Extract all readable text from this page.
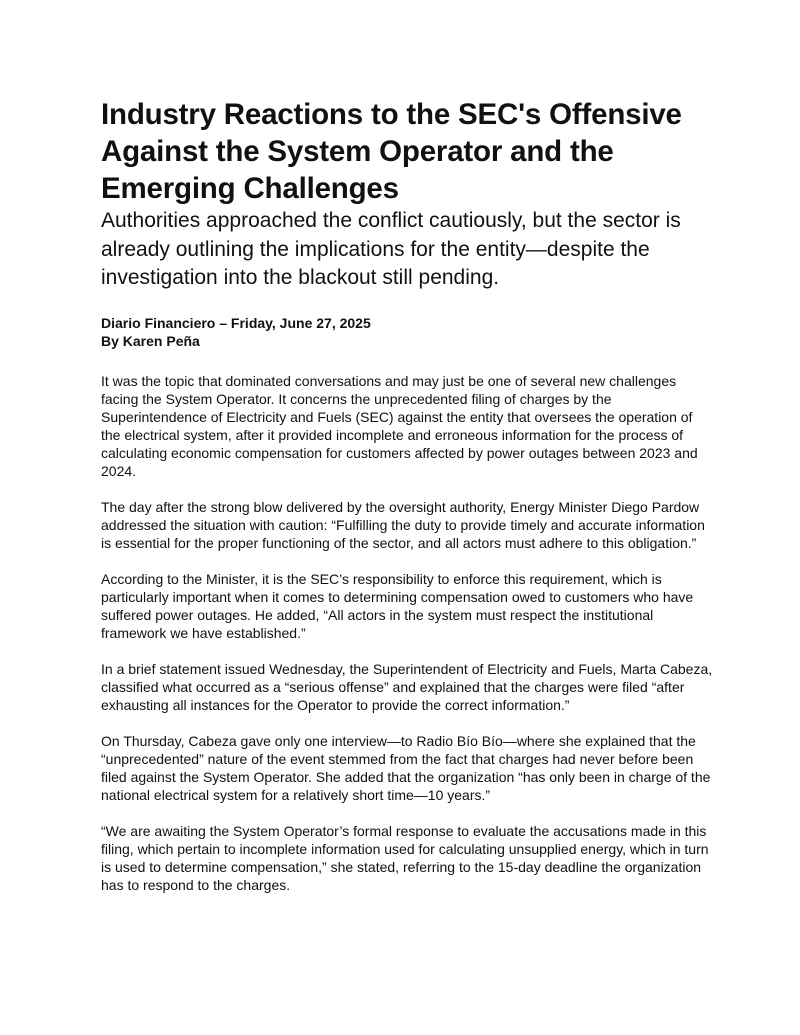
Industry Reactions to the SEC's Offensive Against the System Operator and the Emerging Challenges
Authorities approached the conflict cautiously, but the sector is already outlining the implications for the entity—despite the investigation into the blackout still pending.
Diario Financiero – Friday, June 27, 2025
By Karen Peña

It was the topic that dominated conversations and may just be one of several new challenges facing the System Operator. It concerns the unprecedented filing of charges by the Superintendence of Electricity and Fuels (SEC) against the entity that oversees the operation of the electrical system, after it provided incomplete and erroneous information for the process of calculating economic compensation for customers affected by power outages between 2023 and 2024.

The day after the strong blow delivered by the oversight authority, Energy Minister Diego Pardow addressed the situation with caution: “Fulfilling the duty to provide timely and accurate information is essential for the proper functioning of the sector, and all actors must adhere to this obligation.”

According to the Minister, it is the SEC’s responsibility to enforce this requirement, which is particularly important when it comes to determining compensation owed to customers who have suffered power outages. He added, “All actors in the system must respect the institutional framework we have established.”

In a brief statement issued Wednesday, the Superintendent of Electricity and Fuels, Marta Cabeza, classified what occurred as a “serious offense” and explained that the charges were filed “after exhausting all instances for the Operator to provide the correct information.”

On Thursday, Cabeza gave only one interview—to Radio Bío Bío—where she explained that the “unprecedented” nature of the event stemmed from the fact that charges had never before been filed against the System Operator. She added that the organization “has only been in charge of the national electrical system for a relatively short time—10 years.”

“We are awaiting the System Operator’s formal response to evaluate the accusations made in this filing, which pertain to incomplete information used for calculating unsupplied energy, which in turn is used to determine compensation,” she stated, referring to the 15-day deadline the organization has to respond to the charges.
